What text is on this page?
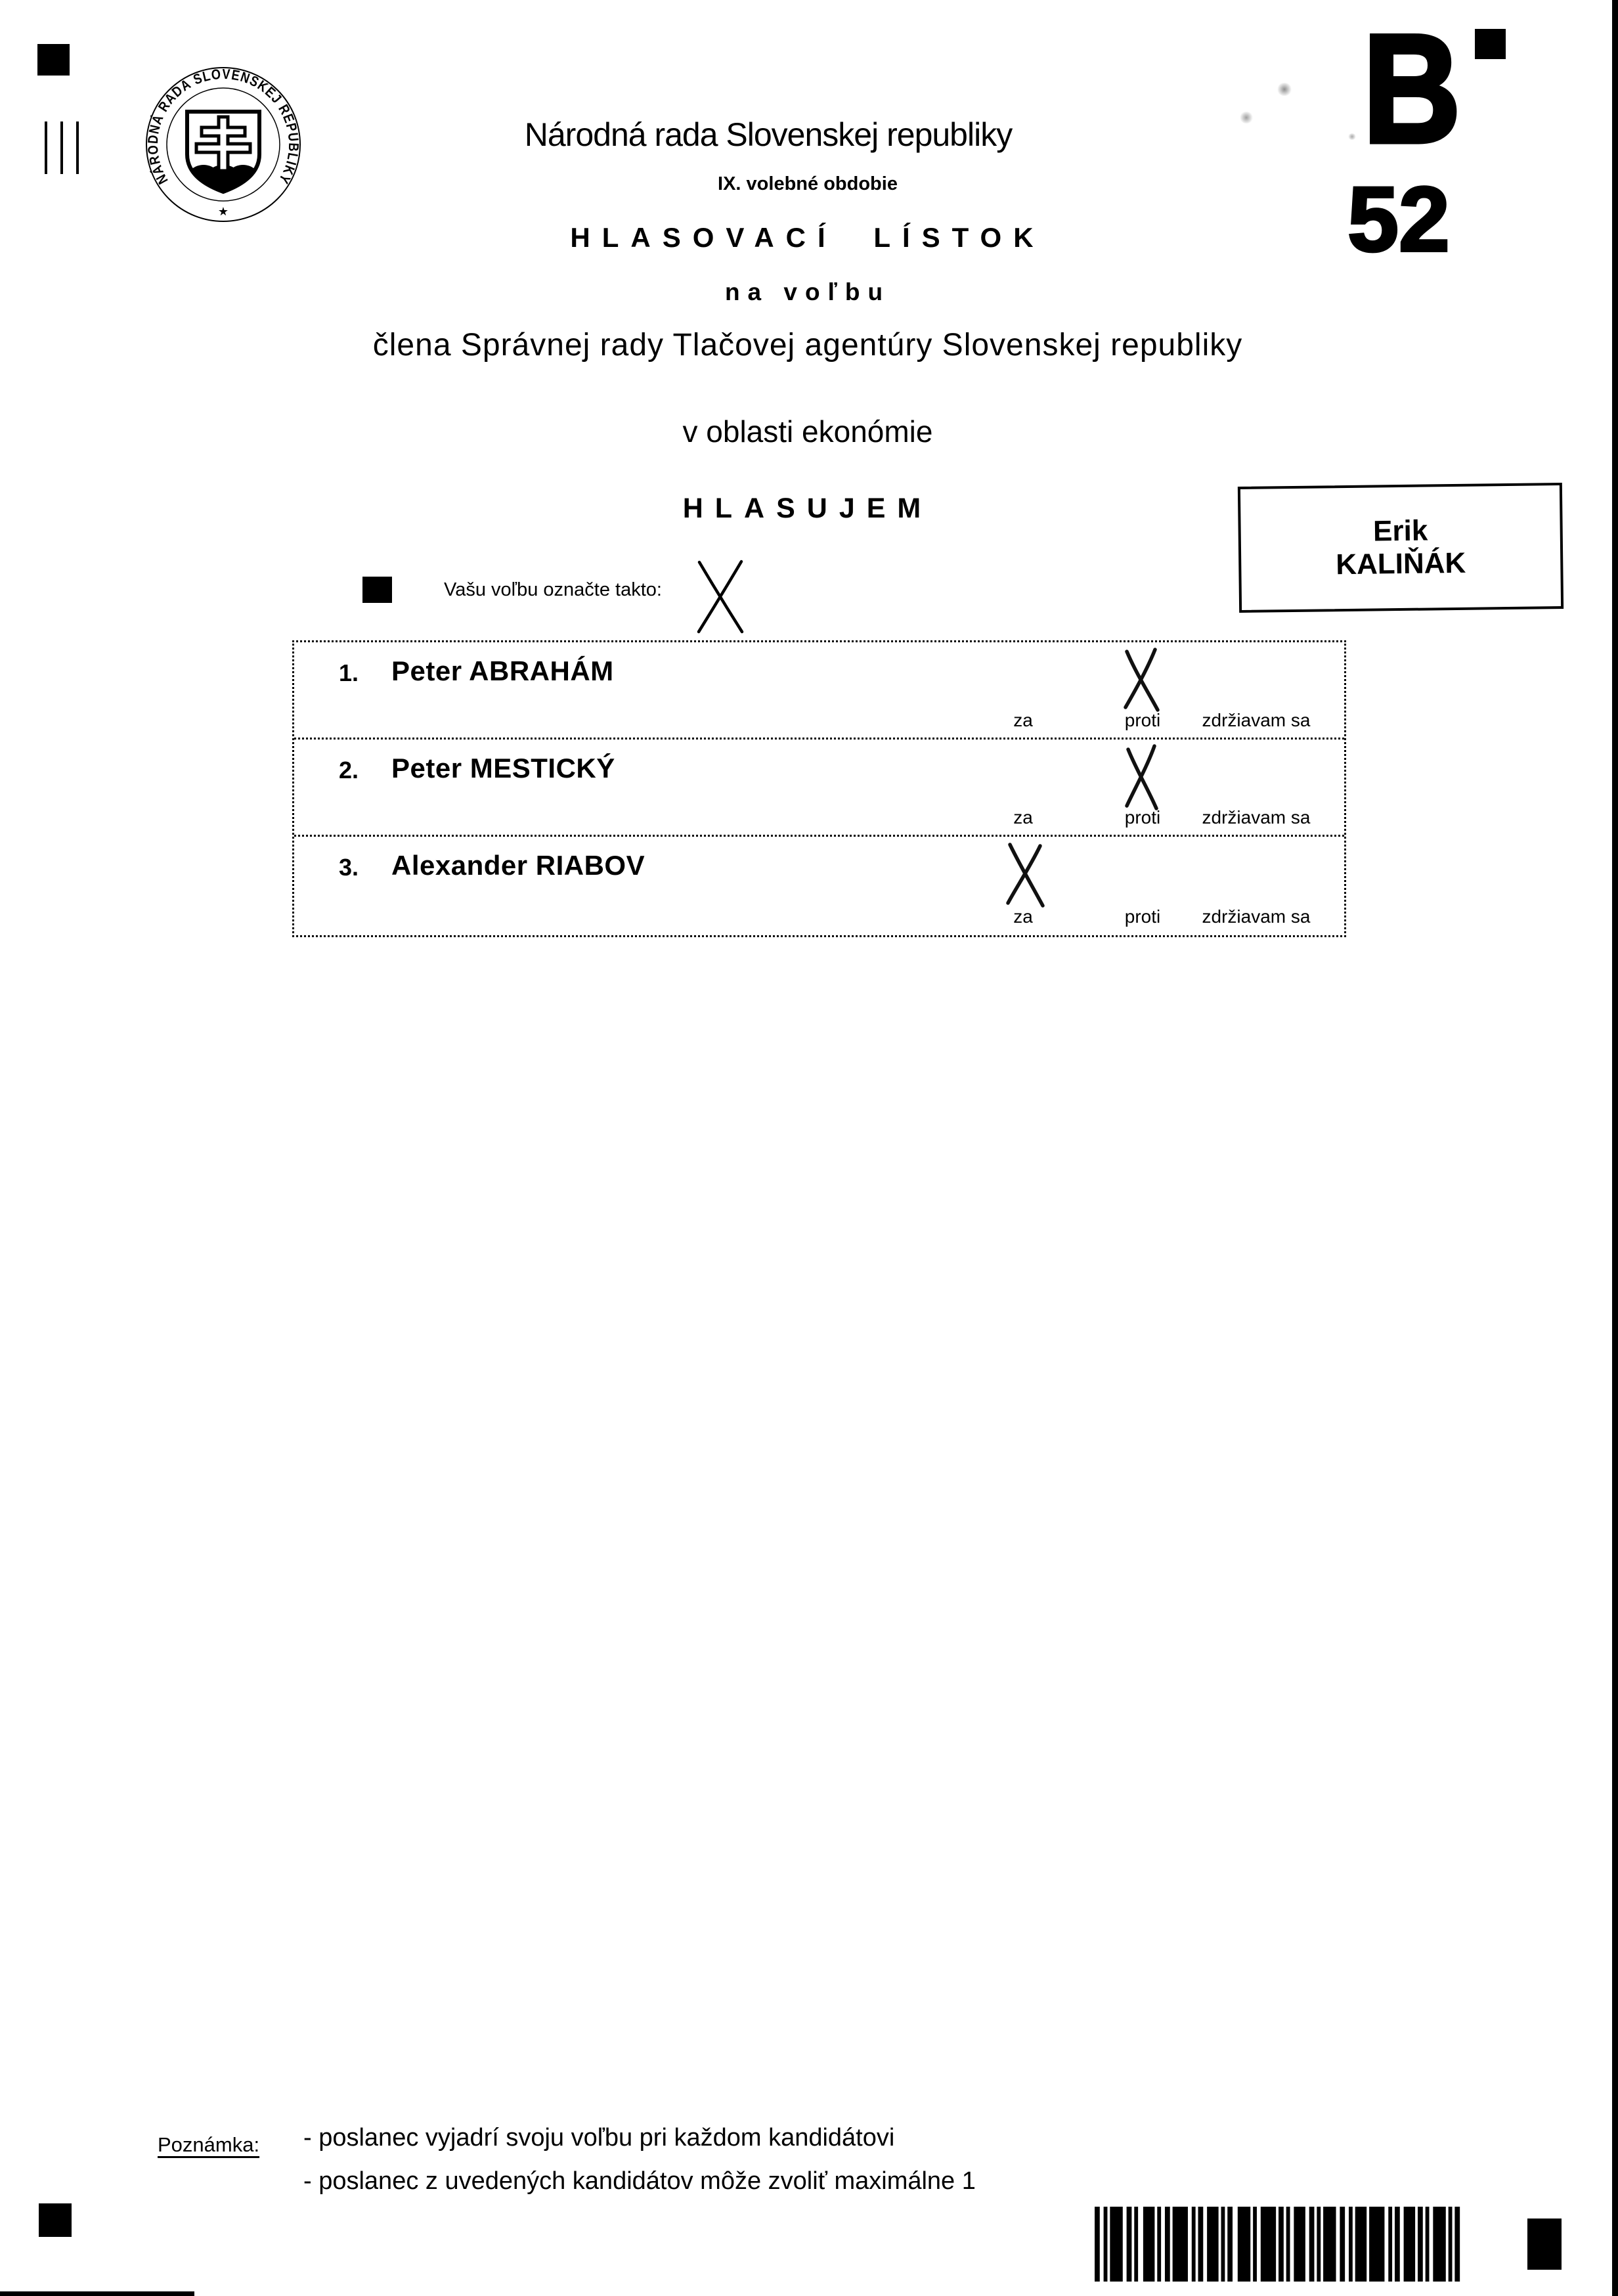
NÁRODNÁ RADA SLOVENSKEJ REPUBLIKY
★
Národná rada Slovenskej republiky
IX. volebné obdobie
HLASOVACÍ LÍSTOK
na voľbu
člena Správnej rady Tlačovej agentúry Slovenskej republiky
v oblasti ekonómie
HLASUJEM
B
52
Erik
KALIŇÁK
Vašu voľbu označte takto:
1. Peter ABRAHÁM
za	proti	zdržiavam sa
2. Peter MESTICKÝ
za	proti	zdržiavam sa
3. Alexander RIABOV
za	proti	zdržiavam sa
Poznámka: - poslanec vyjadrí svoju voľbu pri každom kandidátovi
- poslanec z uvedených kandidátov môže zvoliť maximálne 1
